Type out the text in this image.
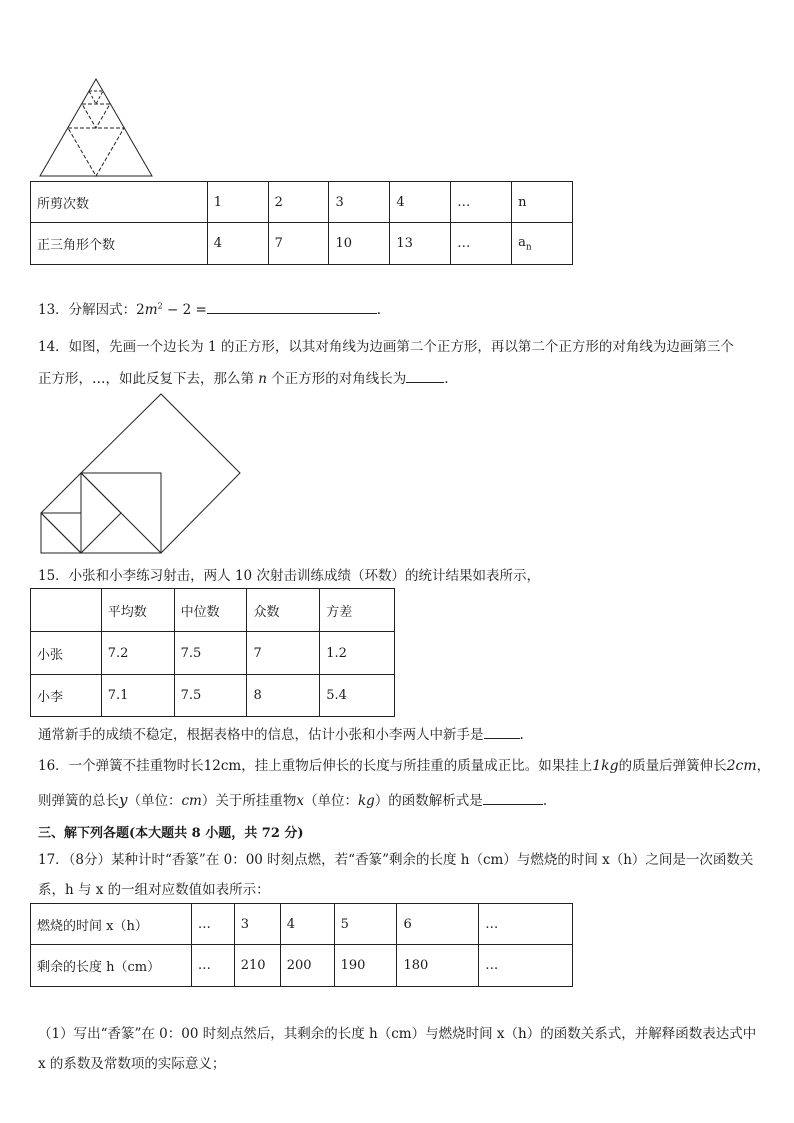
所剪次数	1	2	3	4	…	n
正三角形个数	4	7	10	13	…	$a_n$
13．分解因式：$2m^2 - 2$ =	.
14．如图，先画一个边长为 1 的正方形，以其对角线为边画第二个正方形，再以第二个正方形的对角线为边画第三个
正方形，…，如此反复下去，那么第 n 个正方形的对角线长为	.
15．小张和小李练习射击，两人 10 次射击训练成绩（环数）的统计结果如表所示，
	平均数	中位数	众数	方差
小张	7.2	7.5	7	1.2
小李	7.1	7.5	8	5.4
通常新手的成绩不稳定，根据表格中的信息，估计小张和小李两人中新手是	.
16．一个弹簧不挂重物时长12cm，挂上重物后伸长的长度与所挂重的质量成正比。如果挂上1kg的质量后弹簧伸长2cm，
则弹簧的总长y（单位：cm）关于所挂重物x（单位：kg）的函数解析式是	.
三、解下列各题(本大题共 8 小题，共 72 分)
17．（8分）某种计时“香篆”在 0：00 时刻点燃，若“香篆”剩余的长度 h（cm）与燃烧的时间 x（h）之间是一次函数关
系，h 与 x 的一组对应数值如表所示：
燃烧的时间 x（h）	…	3	4	5	6	…
剩余的长度 h（cm）	…	210	200	190	180	…
（1）写出“香篆”在 0：00 时刻点然后，其剩余的长度 h（cm）与燃烧时间 x（h）的函数关系式，并解释函数表达式中
x 的系数及常数项的实际意义；
